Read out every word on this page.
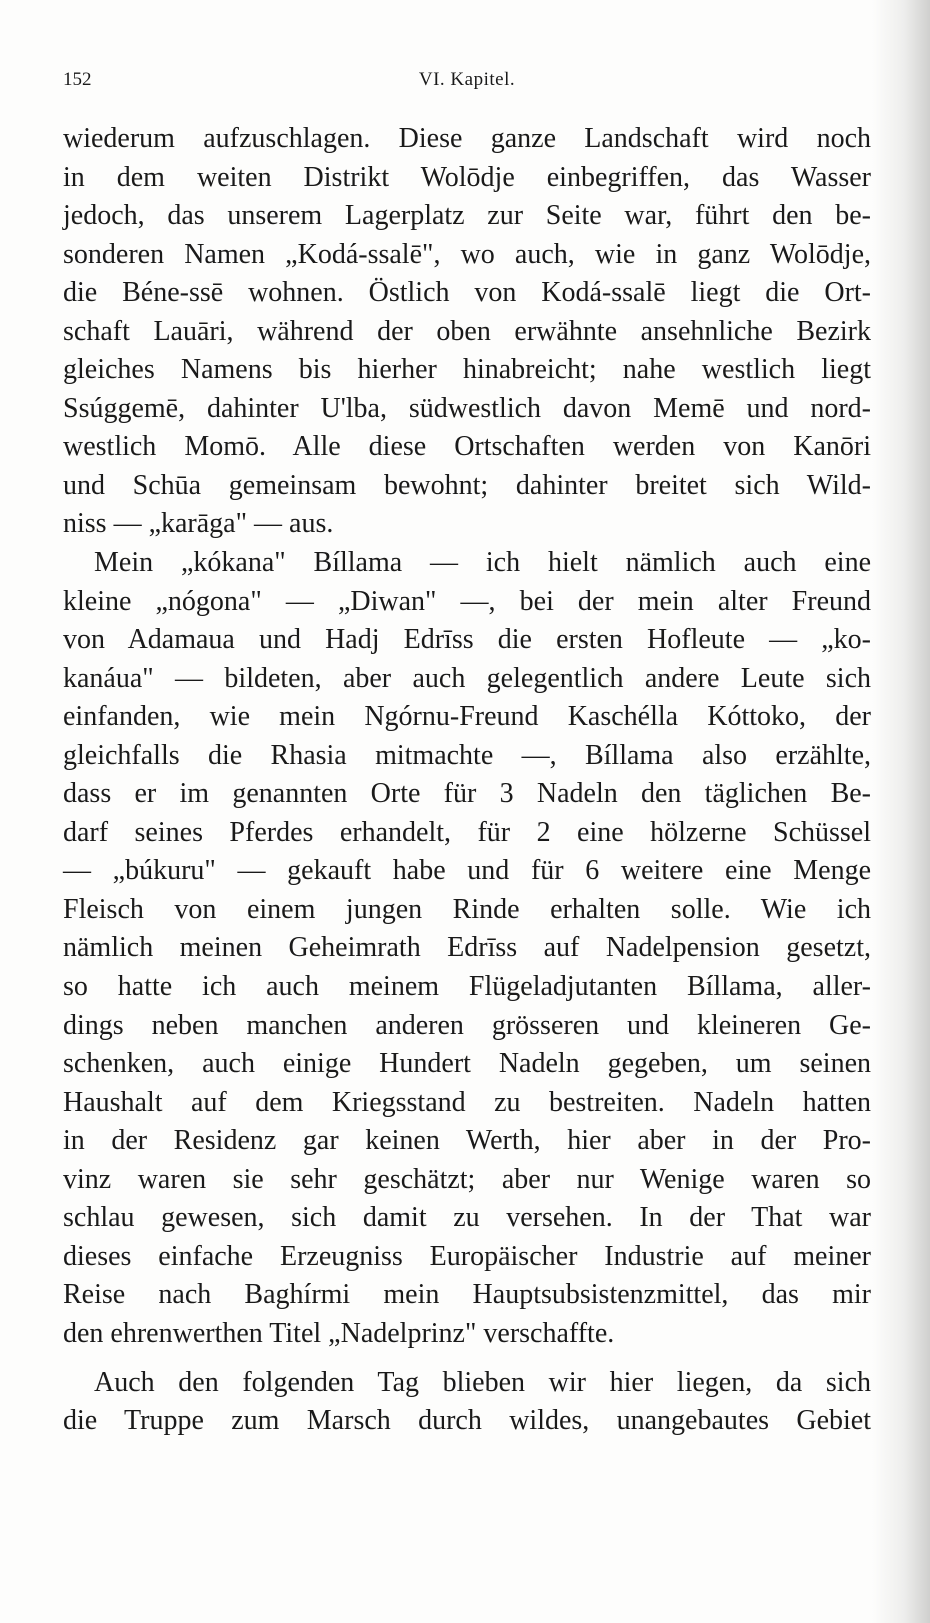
152	VI. Kapitel.
wiederum aufzuschlagen. Diese ganze Landschaft wird noch
in dem weiten Distrikt Wolōdje einbegriffen, das Wasser
jedoch, das unserem Lagerplatz zur Seite war, führt den be-
sonderen Namen „Kodá-ssalē", wo auch, wie in ganz Wolōdje,
die Béne-ssē wohnen. Östlich von Kodá-ssalē liegt die Ort-
schaft Lauāri, während der oben erwähnte ansehnliche Bezirk
gleiches Namens bis hierher hinabreicht; nahe westlich liegt
Ssúggemē, dahinter U'lba, südwestlich davon Memē und nord-
westlich Momō. Alle diese Ortschaften werden von Kanōri
und Schūa gemeinsam bewohnt; dahinter breitet sich Wild-
niss — „karāga" — aus.
Mein „kókana" Bíllama — ich hielt nämlich auch eine
kleine „nógona" — „Diwan" —, bei der mein alter Freund
von Adamaua und Hadj Edrīss die ersten Hofleute — „ko-
kanáua" — bildeten, aber auch gelegentlich andere Leute sich
einfanden, wie mein Ngórnu-Freund Kaschélla Kóttoko, der
gleichfalls die Rhasia mitmachte —, Bíllama also erzählte,
dass er im genannten Orte für 3 Nadeln den täglichen Be-
darf seines Pferdes erhandelt, für 2 eine hölzerne Schüssel
— „búkuru" — gekauft habe und für 6 weitere eine Menge
Fleisch von einem jungen Rinde erhalten solle. Wie ich
nämlich meinen Geheimrath Edrīss auf Nadelpension gesetzt,
so hatte ich auch meinem Flügeladjutanten Bíllama, aller-
dings neben manchen anderen grösseren und kleineren Ge-
schenken, auch einige Hundert Nadeln gegeben, um seinen
Haushalt auf dem Kriegsstand zu bestreiten. Nadeln hatten
in der Residenz gar keinen Werth, hier aber in der Pro-
vinz waren sie sehr geschätzt; aber nur Wenige waren so
schlau gewesen, sich damit zu versehen. In der That war
dieses einfache Erzeugniss Europäischer Industrie auf meiner
Reise nach Baghírmi mein Hauptsubsistenzmittel, das mir
den ehrenwerthen Titel „Nadelprinz" verschaffte.
Auch den folgenden Tag blieben wir hier liegen, da sich
die Truppe zum Marsch durch wildes, unangebautes Gebiet
